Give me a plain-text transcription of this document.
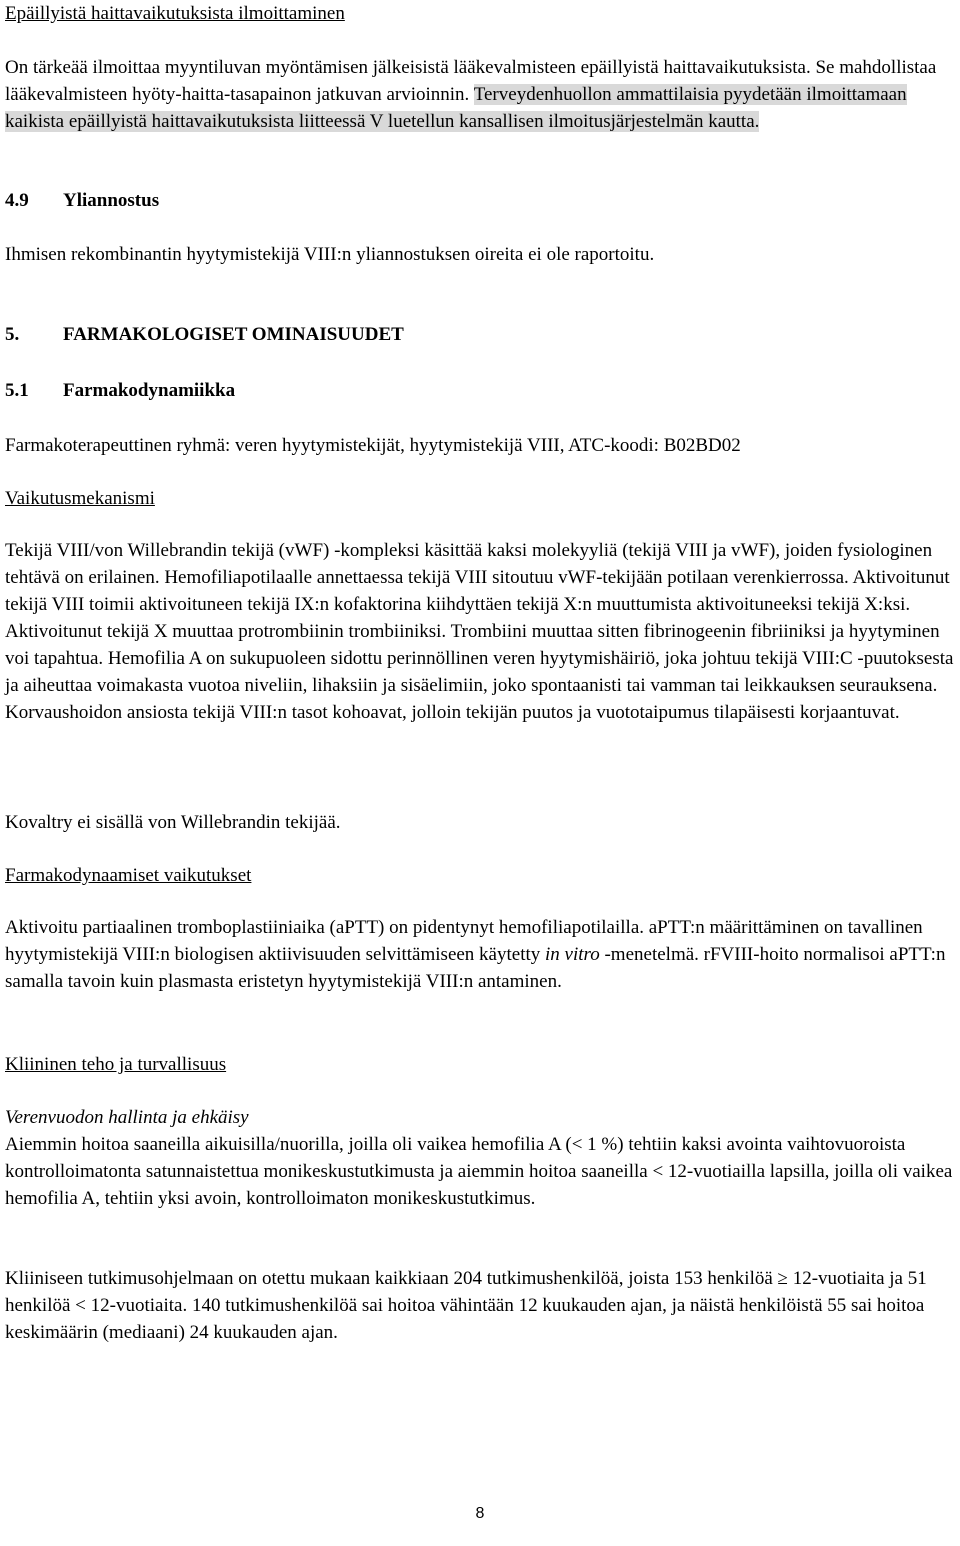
Epäillyistä haittavaikutuksista ilmoittaminen

On tärkeää ilmoittaa myyntiluvan myöntämisen jälkeisistä lääkevalmisteen epäillyistä haittavaikutuksista. Se mahdollistaa lääkevalmisteen hyöty-haitta-tasapainon jatkuvan arvioinnin. Terveydenhuollon ammattilaisia pyydetään ilmoittamaan kaikista epäillyistä haittavaikutuksista liitteessä V luetellun kansallisen ilmoitusjärjestelmän kautta.

4.9 Yliannostus

Ihmisen rekombinantin hyytymistekijä VIII:n yliannostuksen oireita ei ole raportoitu.

5. FARMAKOLOGISET OMINAISUUDET

5.1 Farmakodynamiikka

Farmakoterapeuttinen ryhmä: veren hyytymistekijät, hyytymistekijä VIII, ATC-koodi: B02BD02

Vaikutusmekanismi

Tekijä VIII/von Willebrandin tekijä (vWF) -kompleksi käsittää kaksi molekyyliä (tekijä VIII ja vWF), joiden fysiologinen tehtävä on erilainen. Hemofiliapotilaalle annettaessa tekijä VIII sitoutuu vWF-tekijään potilaan verenkierrossa. Aktivoitunut tekijä VIII toimii aktivoituneen tekijä IX:n kofaktorina kiihdyttäen tekijä X:n muuttumista aktivoituneeksi tekijä X:ksi. Aktivoitunut tekijä X muuttaa protrombiinin trombiiniksi. Trombiini muuttaa sitten fibrinogeenin fibriiniksi ja hyytyminen voi tapahtua. Hemofilia A on sukupuoleen sidottu perinnöllinen veren hyytymishäiriö, joka johtuu tekijä VIII:C -puutoksesta ja aiheuttaa voimakasta vuotoa niveliin, lihaksiin ja sisäelimiin, joko spontaanisti tai vamman tai leikkauksen seurauksena. Korvaushoidon ansiosta tekijä VIII:n tasot kohoavat, jolloin tekijän puutos ja vuototaipumus tilapäisesti korjaantuvat.

Kovaltry ei sisällä von Willebrandin tekijää.

Farmakodynaamiset vaikutukset

Aktivoitu partiaalinen tromboplastiiniaika (aPTT) on pidentynyt hemofiliapotilailla. aPTT:n määrittäminen on tavallinen hyytymistekijä VIII:n biologisen aktiivisuuden selvittämiseen käytetty in vitro -menetelmä. rFVIII-hoito normalisoi aPTT:n samalla tavoin kuin plasmasta eristetyn hyytymistekijä VIII:n antaminen.

Kliininen teho ja turvallisuus

Verenvuodon hallinta ja ehkäisy

Aiemmin hoitoa saaneilla aikuisilla/nuorilla, joilla oli vaikea hemofilia A (< 1 %) tehtiin kaksi avointa vaihtovuoroista kontrolloimatonta satunnaistettua monikeskustutkimusta ja aiemmin hoitoa saaneilla < 12-vuotiailla lapsilla, joilla oli vaikea hemofilia A, tehtiin yksi avoin, kontrolloimaton monikeskustutkimus.

Kliiniseen tutkimusohjelmaan on otettu mukaan kaikkiaan 204 tutkimushenkilöä, joista 153 henkilöä ≥ 12-vuotiaita ja 51 henkilöä < 12-vuotiaita. 140 tutkimushenkilöä sai hoitoa vähintään 12 kuukauden ajan, ja näistä henkilöistä 55 sai hoitoa keskimäärin (mediaani) 24 kuukauden ajan.

8
